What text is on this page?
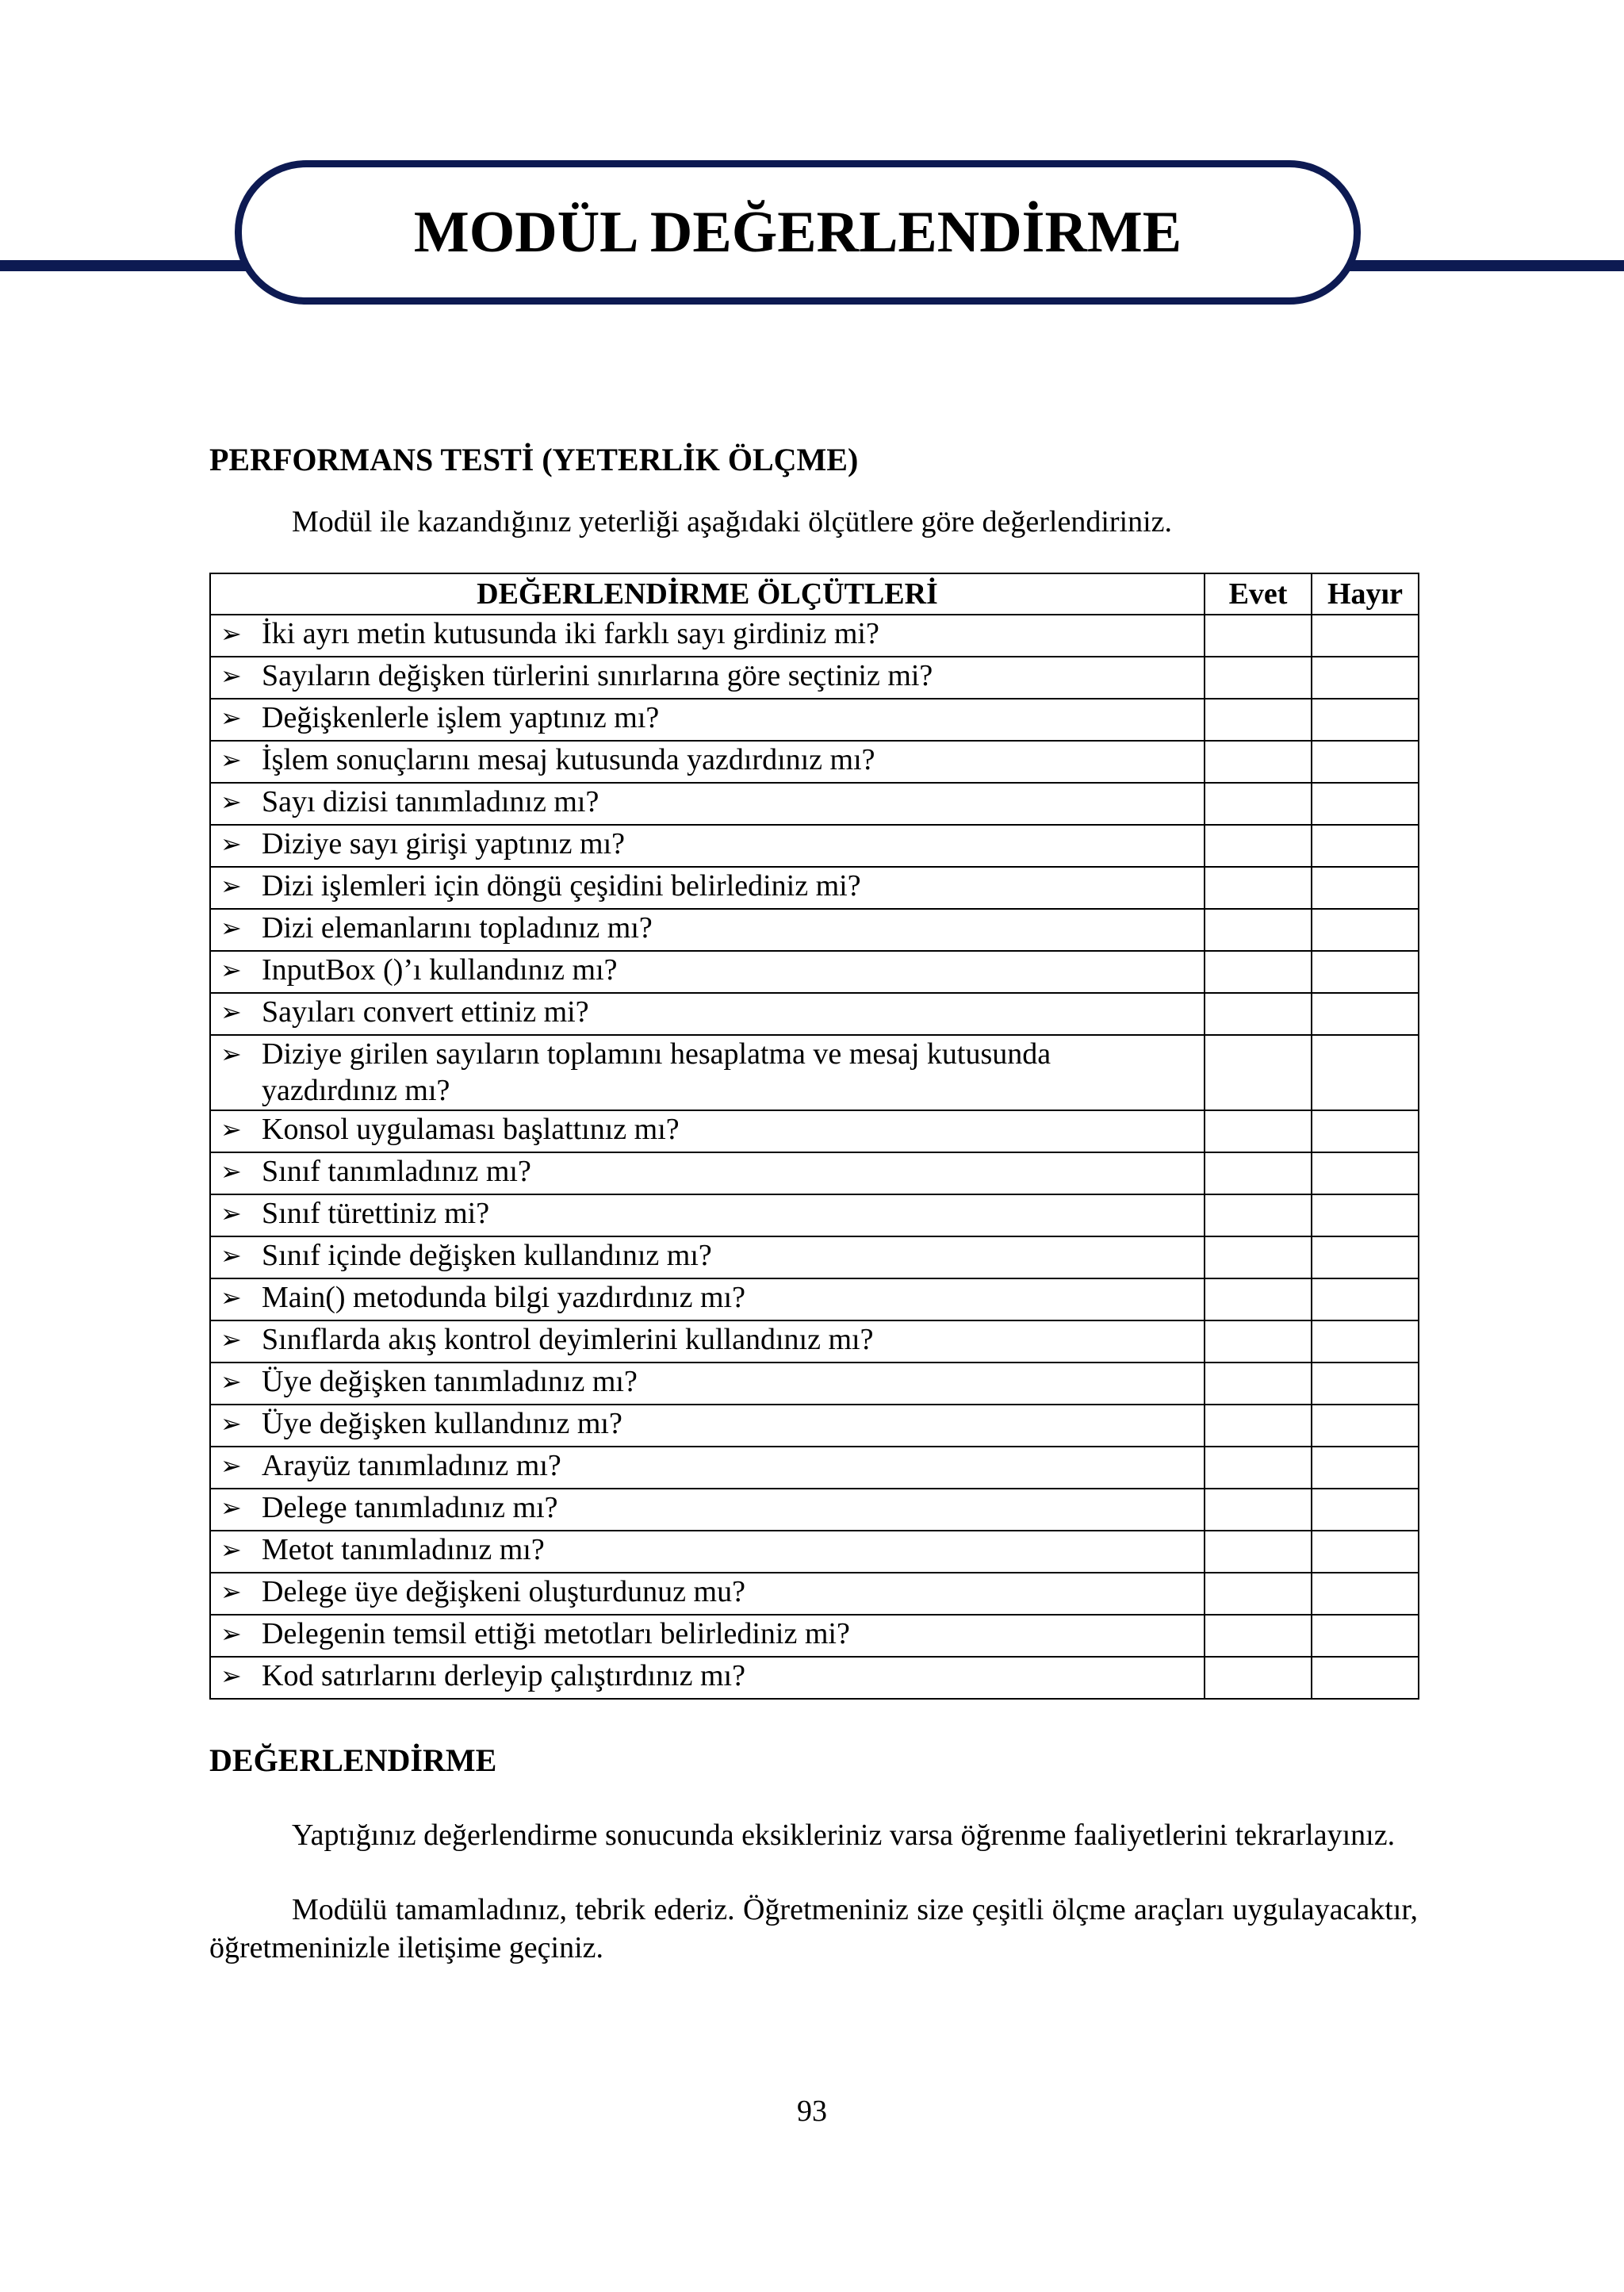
MODÜL DEĞERLENDİRME
PERFORMANS TESTİ (YETERLİK ÖLÇME)
Modül ile kazandığınız yeterliği aşağıdaki ölçütlere göre değerlendiriniz.
DEĞERLENDİRME ÖLÇÜTLERİ	Evet	Hayır
➢ İki ayrı metin kutusunda iki farklı sayı girdiniz mi?		
➢ Sayıların değişken türlerini sınırlarına göre seçtiniz mi?		
➢ Değişkenlerle işlem yaptınız mı?		
➢ İşlem sonuçlarını mesaj kutusunda yazdırdınız mı?		
➢ Sayı dizisi tanımladınız mı?		
➢ Diziye sayı girişi yaptınız mı?		
➢ Dizi işlemleri için döngü çeşidini belirlediniz mi?		
➢ Dizi elemanlarını topladınız mı?		
➢ InputBox ()’ı kullandınız mı?		
➢ Sayıları convert ettiniz mi?		
➢ Diziye girilen sayıların toplamını hesaplatma ve mesaj kutusunda yazdırdınız mı?		
➢ Konsol uygulaması başlattınız mı?		
➢ Sınıf tanımladınız mı?		
➢ Sınıf türettiniz mi?		
➢ Sınıf içinde değişken kullandınız mı?		
➢ Main() metodunda bilgi yazdırdınız mı?		
➢ Sınıflarda akış kontrol deyimlerini kullandınız mı?		
➢ Üye değişken tanımladınız mı?		
➢ Üye değişken kullandınız mı?		
➢ Arayüz tanımladınız mı?		
➢ Delege tanımladınız mı?		
➢ Metot tanımladınız mı?		
➢ Delege üye değişkeni oluşturdunuz mu?		
➢ Delegenin temsil ettiği metotları belirlediniz mi?		
➢ Kod satırlarını derleyip çalıştırdınız mı?		
DEĞERLENDİRME
Yaptığınız değerlendirme sonucunda eksikleriniz varsa öğrenme faaliyetlerini tekrarlayınız.
Modülü tamamladınız, tebrik ederiz. Öğretmeniniz size çeşitli ölçme araçları uygulayacaktır, öğretmeninizle iletişime geçiniz.
93
